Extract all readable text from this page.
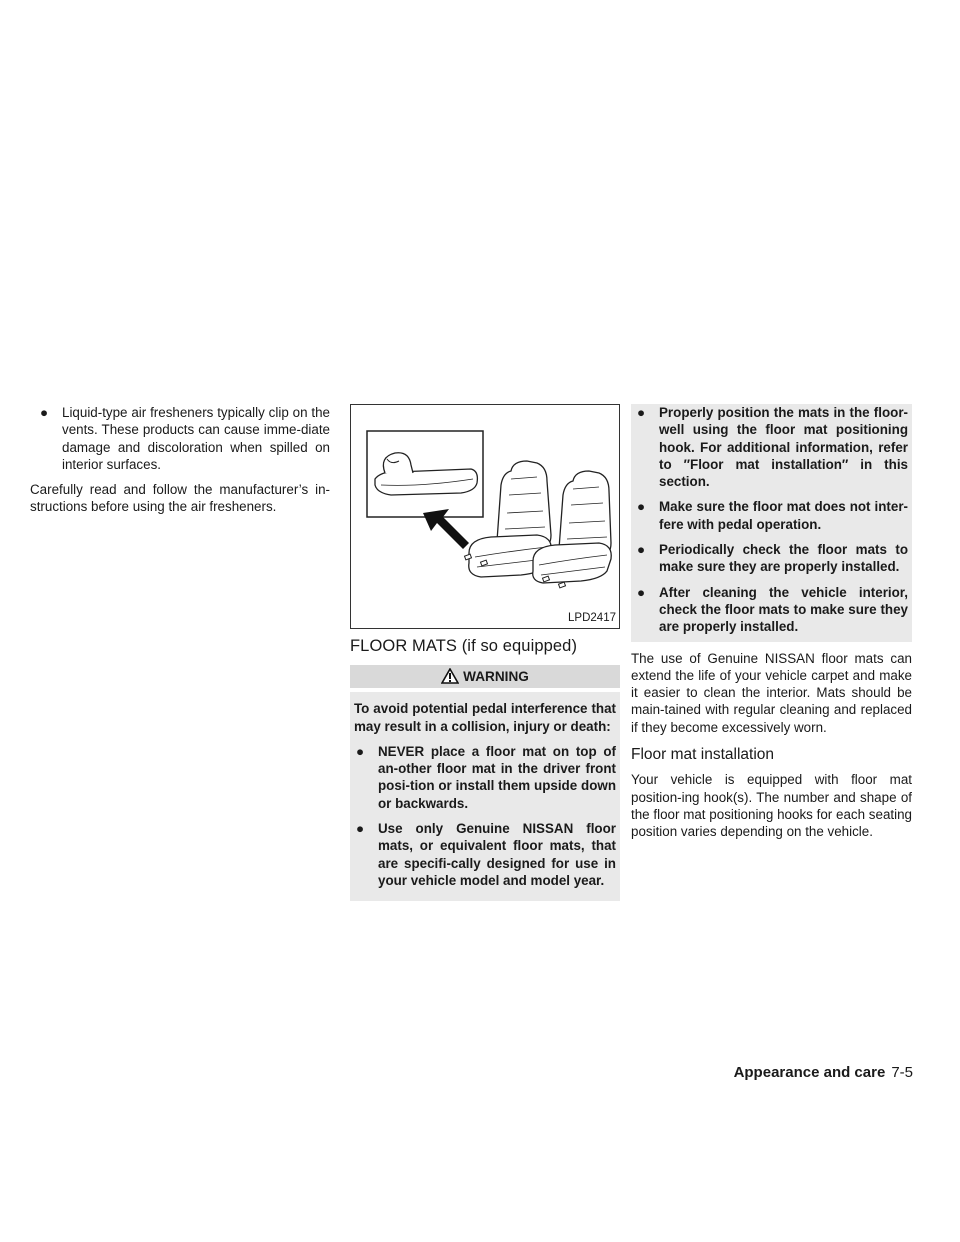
● Liquid-type air fresheners typically clip on the vents. These products can cause imme-diate damage and discoloration when spilled on interior surfaces.

Carefully read and follow the manufacturer’s in-structions before using the air fresheners.

LPD2417
FLOOR MATS (if so equipped)
WARNING

To avoid potential pedal interference that may result in a collision, injury or death:

● NEVER place a floor mat on top of an-other floor mat in the driver front posi-tion or install them upside down or backwards.
● Use only Genuine NISSAN floor mats, or equivalent floor mats, that are specifi-cally designed for use in your vehicle model and model year.
● Properly position the mats in the floor-well using the floor mat positioning hook. For additional information, refer to ″Floor mat installation″ in this section.
● Make sure the floor mat does not inter-fere with pedal operation.
● Periodically check the floor mats to make sure they are properly installed.
● After cleaning the vehicle interior, check the floor mats to make sure they are properly installed.

The use of Genuine NISSAN floor mats can extend the life of your vehicle carpet and make it easier to clean the interior. Mats should be main-tained with regular cleaning and replaced if they become excessively worn.

Floor mat installation

Your vehicle is equipped with floor mat position-ing hook(s). The number and shape of the floor mat positioning hooks for each seating position varies depending on the vehicle.

Appearance and care 7-5
